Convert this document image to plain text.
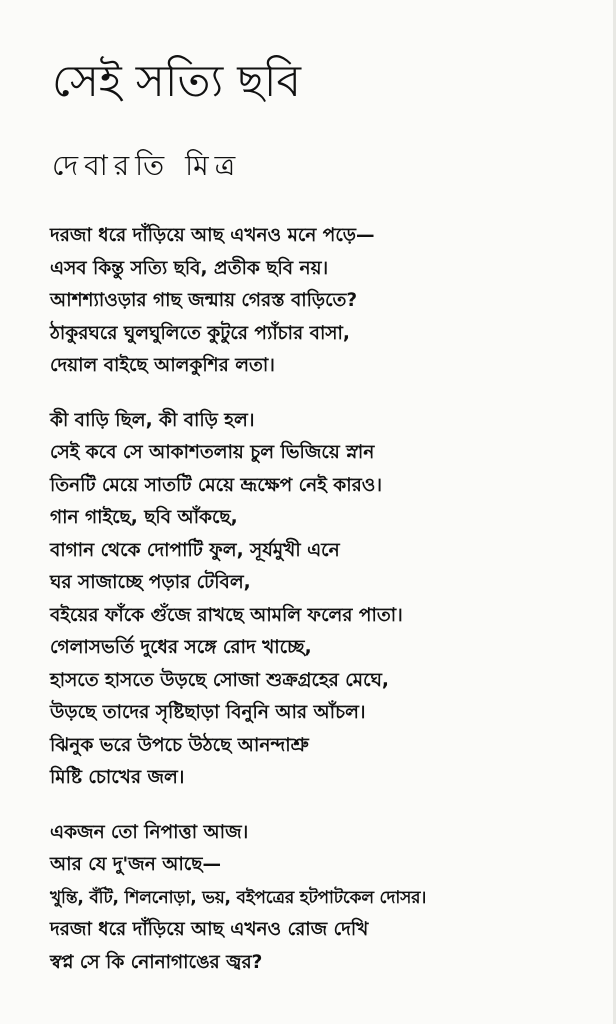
সেই সত্যি ছবি

দেবারতি মিত্র

দরজা ধরে দাঁড়িয়ে আছ এখনও মনে পড়ে—
এসব কিন্তু সত্যি ছবি, প্রতীক ছবি নয়।
আশশ্যাওড়ার গাছ জন্মায় গেরস্ত বাড়িতে?
ঠাকুরঘরে ঘুলঘুলিতে কুটুরে প্যাঁচার বাসা,
দেয়াল বাইছে আলকুশির লতা।
কী বাড়ি ছিল, কী বাড়ি হল।
সেই কবে সে আকাশতলায় চুল ভিজিয়ে স্নান
তিনটি মেয়ে সাতটি মেয়ে ভ্রূক্ষেপ নেই কারও।
গান গাইছে, ছবি আঁকছে,
বাগান থেকে দোপাটি ফুল, সূর্যমুখী এনে
ঘর সাজাচ্ছে পড়ার টেবিল,
বইয়ের ফাঁকে গুঁজে রাখছে আমলি ফলের পাতা।
গেলাসভর্তি দুধের সঙ্গে রোদ খাচ্ছে,
হাসতে হাসতে উড়ছে সোজা শুক্রগ্রহের মেঘে,
উড়ছে তাদের সৃষ্টিছাড়া বিনুনি আর আঁচল।
ঝিনুক ভরে উপচে উঠছে আনন্দাশ্রু
মিষ্টি চোখের জল।
একজন তো নিপাত্তা আজ।
আর যে দু'জন আছে—
খুন্তি, বঁটি, শিলনোড়া, ভয়, বইপত্রের হটপাটকেল দোসর।
দরজা ধরে দাঁড়িয়ে আছ এখনও রোজ দেখি
স্বপ্ন সে কি নোনাগাঙের জ্বর?
